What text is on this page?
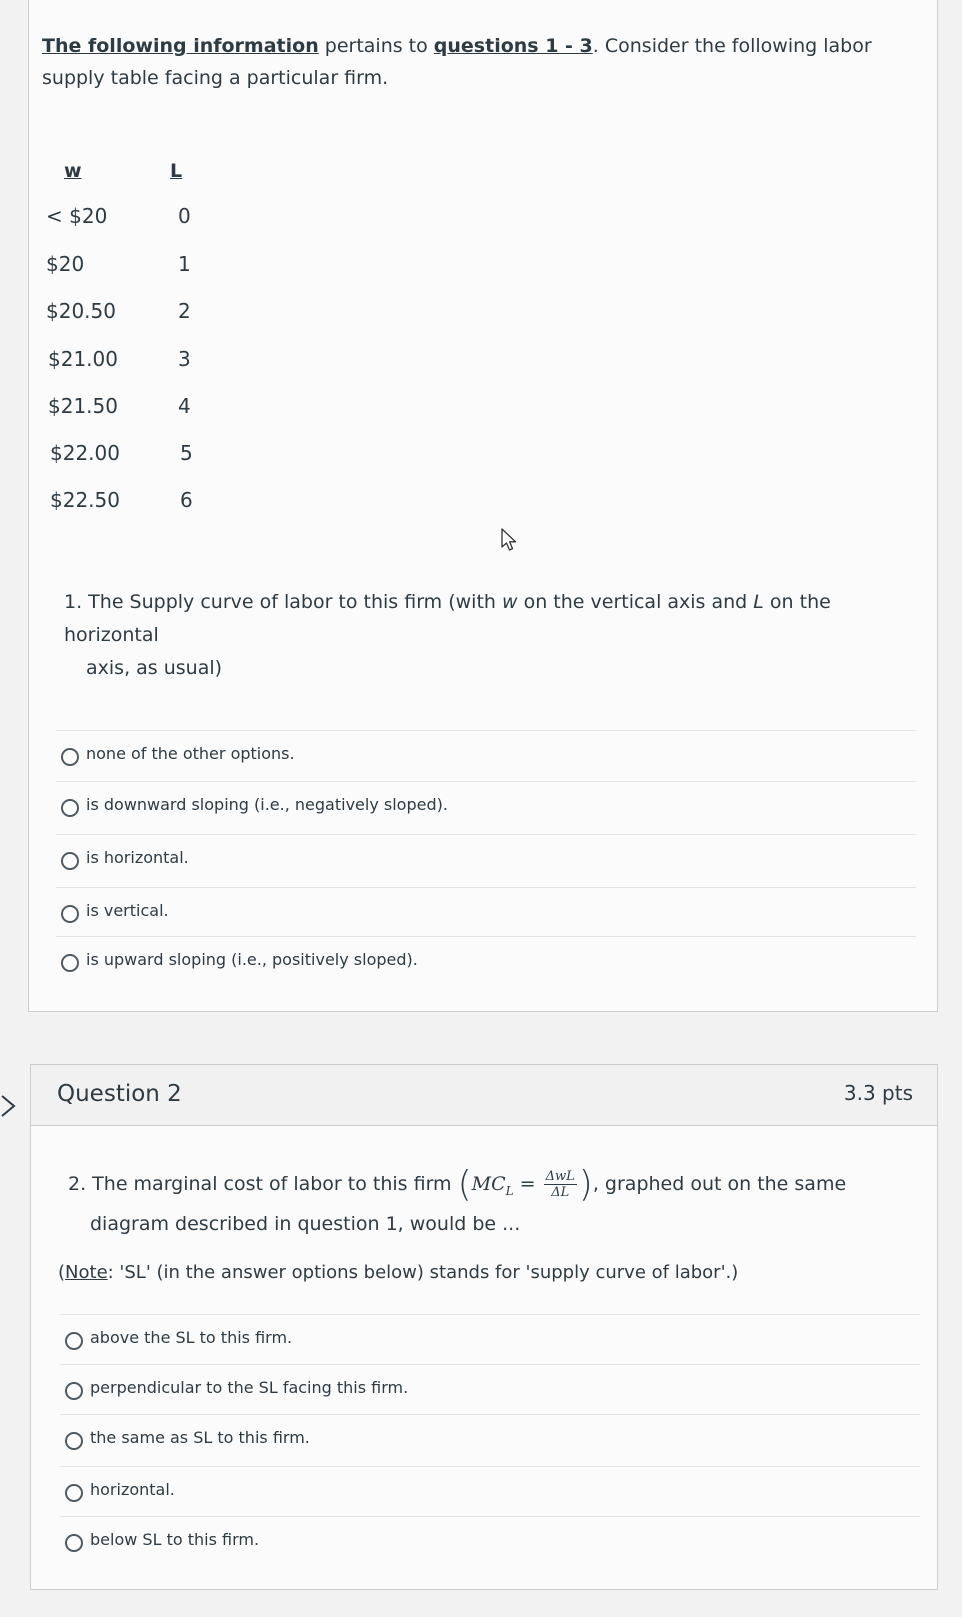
The following information pertains to questions 1 - 3. Consider the following labor supply table facing a particular firm.
w	L
< $20	0
$20	1
$20.50	2
$21.00	3
$21.50	4
$22.00	5
$22.50	6
1. The Supply curve of labor to this firm (with w on the vertical axis and L on the horizontal
axis, as usual)
none of the other options.
is downward sloping (i.e., negatively sloped).
is horizontal.
is vertical.
is upward sloping (i.e., positively sloped).
Question 2	3.3 pts
2. The marginal cost of labor to this firm ($MC_L = \frac{\text{ΔwL}}{\Delta L}$ ), graphed out on the same
diagram described in question 1, would be ...
(Note: 'SL' (in the answer options below) stands for 'supply curve of labor'.)
above the SL to this firm.
perpendicular to the SL facing this firm.
the same as SL to this firm.
horizontal.
below SL to this firm.
